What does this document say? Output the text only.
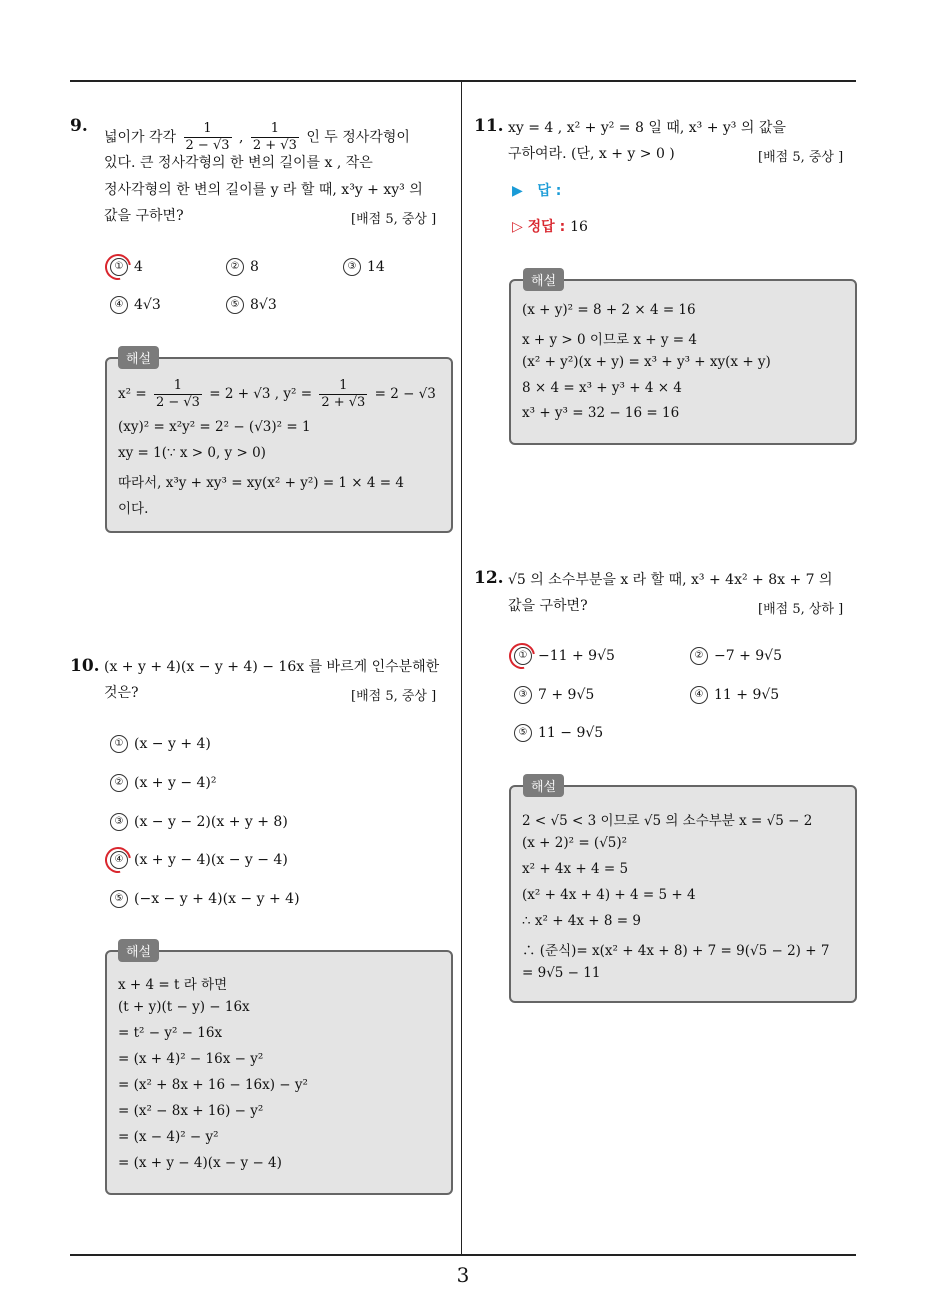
9.
넓이가 각각 $\frac{1}{2 - √3}$ , $\frac{1}{2 + √3}$ 인 두 정사각형이
있다. 큰 정사각형의 한 변의 길이를 x , 작은
정사각형의 한 변의 길이를 y 라 할 때, x³y + xy³ 의
값을 구하면?	[배점 5, 중상 ]
① 4	② 8	③ 14
④ 4√3	⑤ 8√3
해설
$x^2 = \frac{1}{2 - √3} = 2 + √3$ , $y^2 = \frac{1}{2 + √3} = 2 - √3$
(xy)² = x²y² = 2² − (√3)² = 1
xy = 1(∵ x > 0, y > 0)
따라서, x³y + xy³ = xy(x² + y²) = 1 × 4 = 4
이다.
10. (x + y + 4)(x − y + 4) − 16x 를 바르게 인수분해한
것은?	[배점 5, 중상 ]
① (x − y + 4)
② (x + y − 4)²
③ (x − y − 2)(x + y + 8)
④ (x + y − 4)(x − y − 4)
⑤ (−x − y + 4)(x − y + 4)
해설
x + 4 = t 라 하면
(t + y)(t − y) − 16x
= t² − y² − 16x
= (x + 4)² − 16x − y²
= (x² + 8x + 16 − 16x) − y²
= (x² − 8x + 16) − y²
= (x − 4)² − y²
= (x + y − 4)(x − y − 4)
11. xy = 4 , x² + y² = 8 일 때, x³ + y³ 의 값을
구하여라. (단, x + y > 0 )	[배점 5, 중상 ]
▶ 답 :
▷ 정답 : 16
해설
(x + y)² = 8 + 2 × 4 = 16
x + y > 0 이므로 x + y = 4
(x² + y²)(x + y) = x³ + y³ + xy(x + y)
8 × 4 = x³ + y³ + 4 × 4
x³ + y³ = 32 − 16 = 16
12. √5 의 소수부분을 x 라 할 때, x³ + 4x² + 8x + 7 의
값을 구하면?	[배점 5, 상하 ]
① −11 + 9√5	② −7 + 9√5
③ 7 + 9√5	④ 11 + 9√5
⑤ 11 − 9√5
해설
2 < √5 < 3 이므로 √5 의 소수부분 x = √5 − 2
(x + 2)² = (√5)²
x² + 4x + 4 = 5
(x² + 4x + 4) + 4 = 5 + 4
∴ x² + 4x + 8 = 9
∴ (준식)= x(x² + 4x + 8) + 7 = 9(√5 − 2) + 7
= 9√5 − 11
3
